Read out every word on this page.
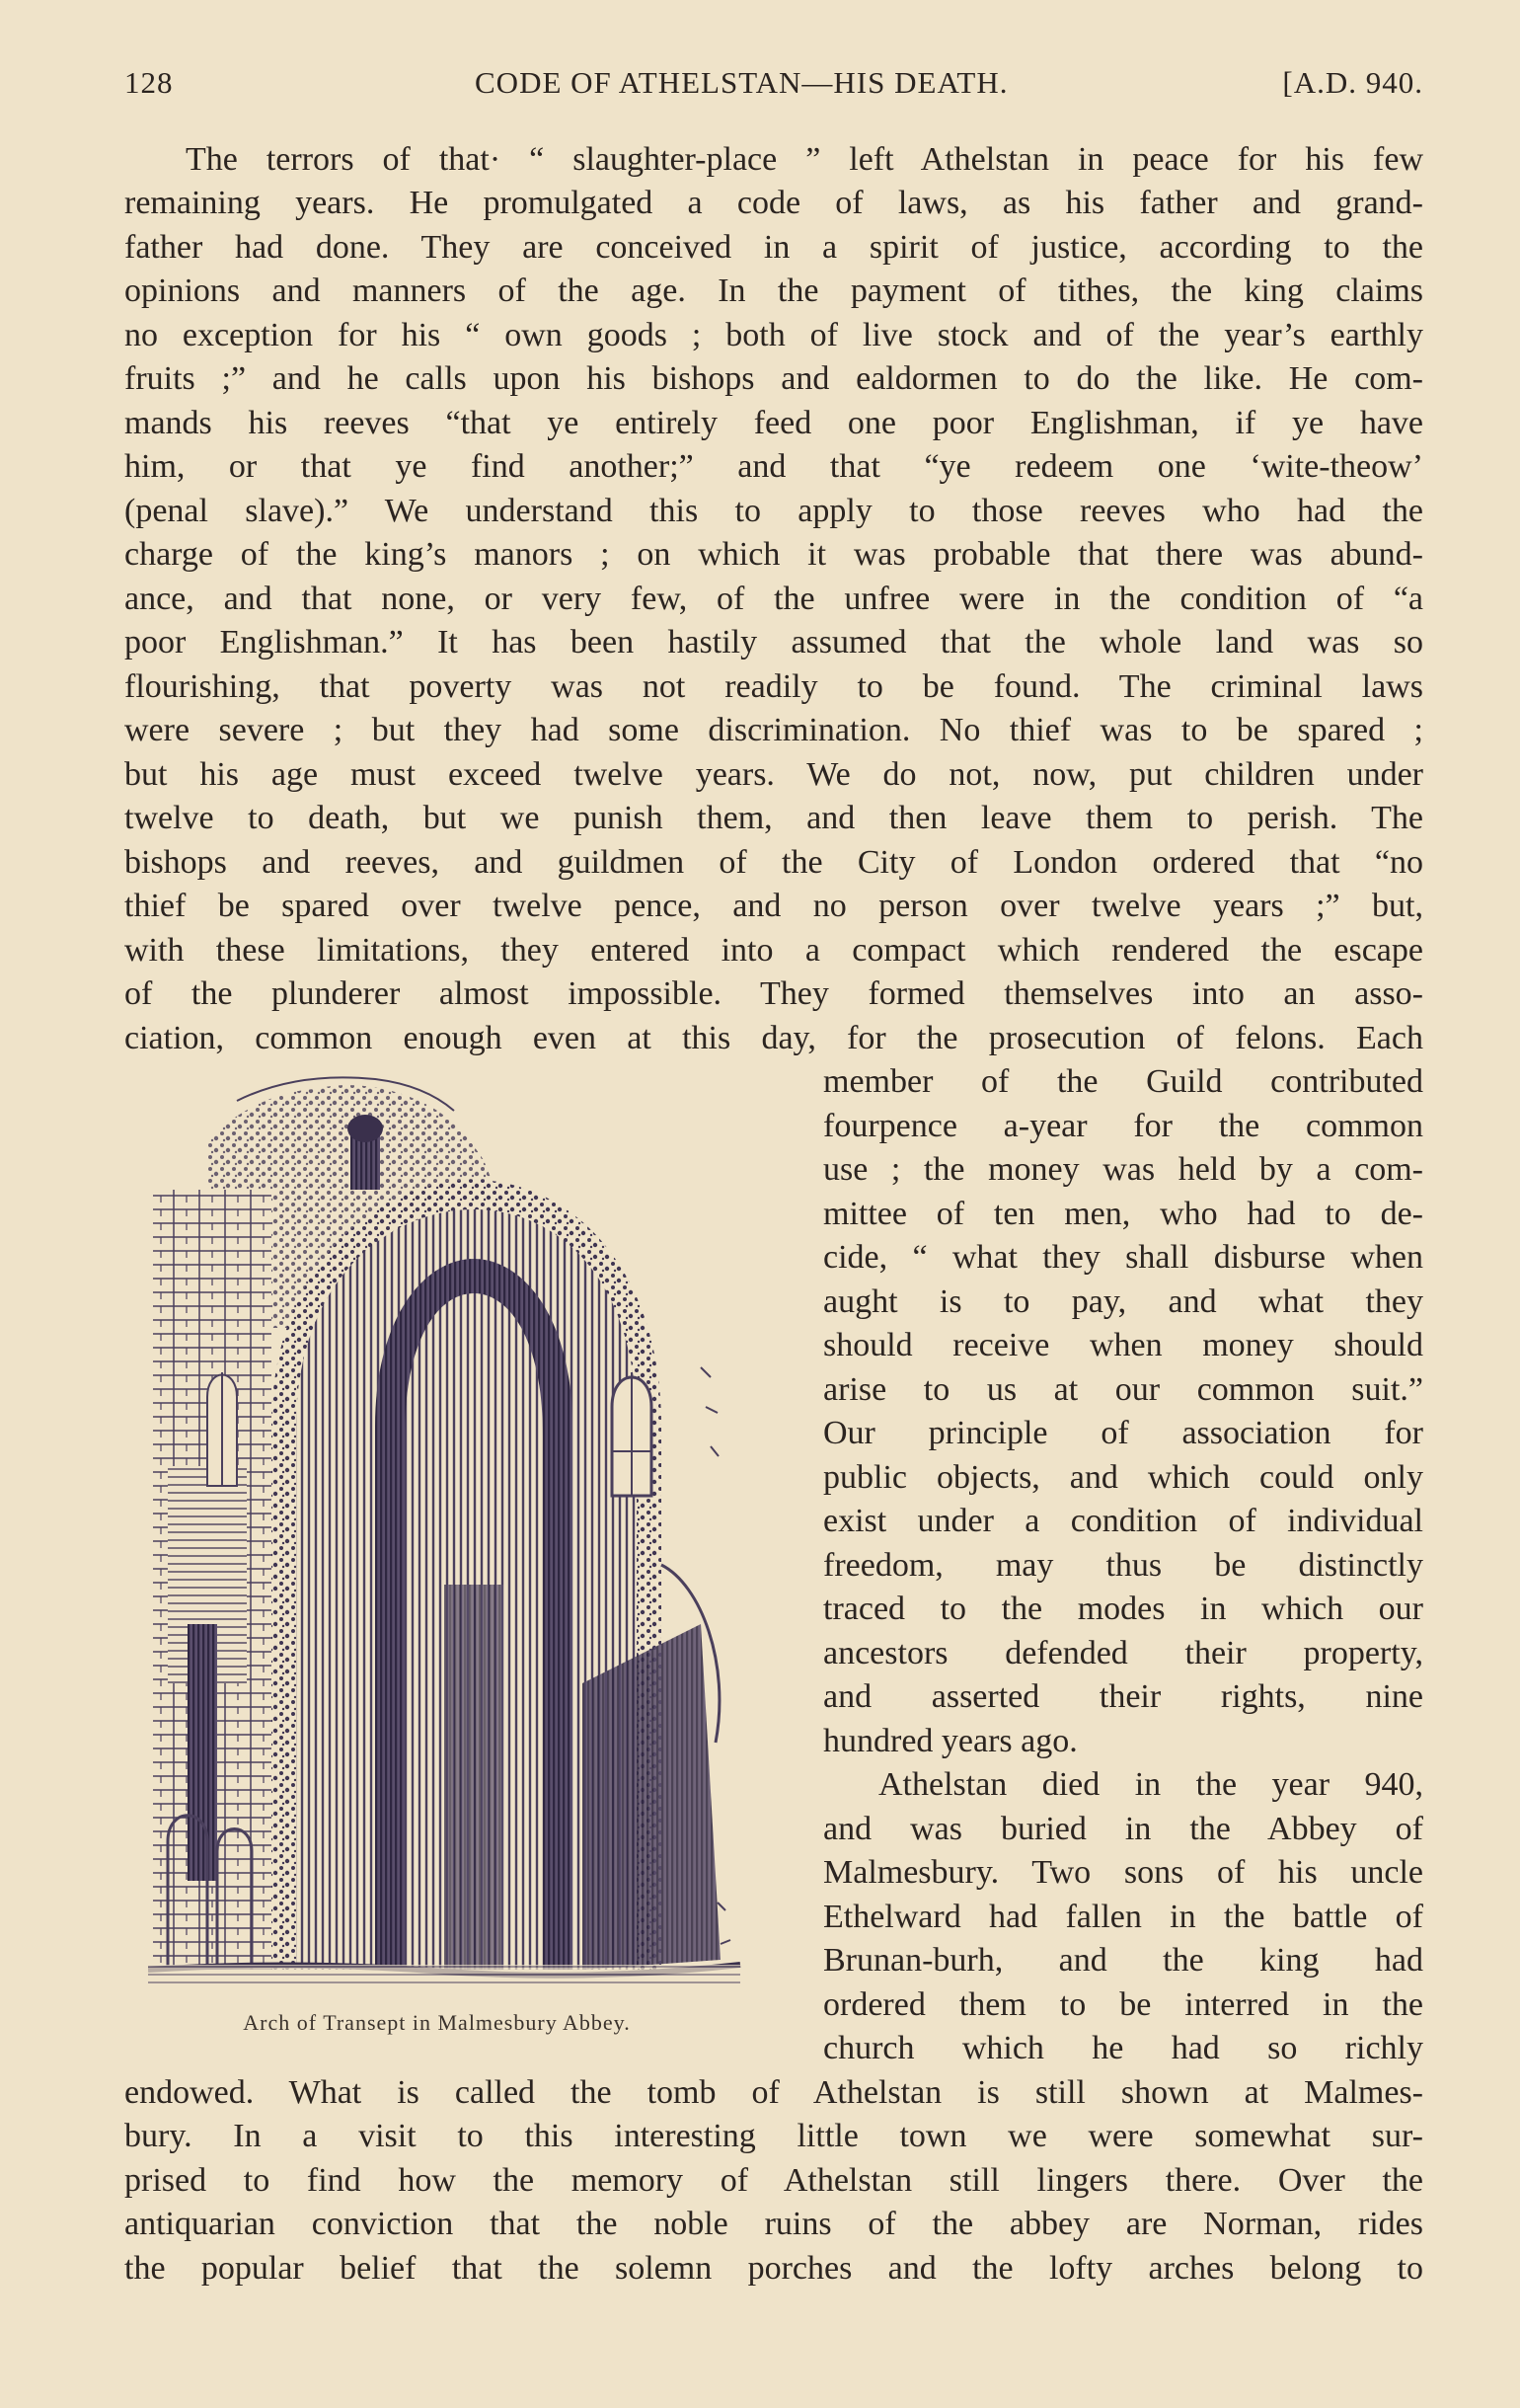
128	CODE OF ATHELSTAN—HIS DEATH.	[A.D. 940.

The terrors of that· “ slaughter-place ” left Athelstan in peace for his few

remaining years. He promulgated a code of laws, as his father and grand-

father had done. They are conceived in a spirit of justice, according to the

opinions and manners of the age. In the payment of tithes, the king claims

no exception for his “ own goods ; both of live stock and of the year’s earthly

fruits ;” and he calls upon his bishops and ealdormen to do the like. He com-

mands his reeves “that ye entirely feed one poor Englishman, if ye have

him, or that ye find another;” and that “ye redeem one ‘wite-theow’

(penal slave).” We understand this to apply to those reeves who had the

charge of the king’s manors ; on which it was probable that there was abund-

ance, and that none, or very few, of the unfree were in the condition of “a

poor Englishman.” It has been hastily assumed that the whole land was so

flourishing, that poverty was not readily to be found. The criminal laws

were severe ; but they had some discrimination. No thief was to be spared ;

but his age must exceed twelve years. We do not, now, put children under

twelve to death, but we punish them, and then leave them to perish. The

bishops and reeves, and guildmen of the City of London ordered that “no

thief be spared over twelve pence, and no person over twelve years ;” but,

with these limitations, they entered into a compact which rendered the escape

of the plunderer almost impossible. They formed themselves into an asso-

ciation, common enough even at this day, for the prosecution of felons. Each

member of the Guild contributed

fourpence a-year for the common

use ; the money was held by a com-

mittee of ten men, who had to de-

cide, “ what they shall disburse when

aught is to pay, and what they

should receive when money should

arise to us at our common suit.”

Our principle of association for

public objects, and which could only

exist under a condition of individual

freedom, may thus be distinctly

traced to the modes in which our

ancestors defended their property,

and asserted their rights, nine

hundred years ago.

Athelstan died in the year 940,

and was buried in the Abbey of

Malmesbury. Two sons of his uncle

Ethelward had fallen in the battle of

Brunan-burh, and the king had

ordered them to be interred in the

church which he had so richly

endowed. What is called the tomb of Athelstan is still shown at Malmes-

bury. In a visit to this interesting little town we were somewhat sur-

prised to find how the memory of Athelstan still lingers there. Over the

antiquarian conviction that the noble ruins of the abbey are Norman, rides

the popular belief that the solemn porches and the lofty arches belong to

Arch of Transept in Malmesbury Abbey.
